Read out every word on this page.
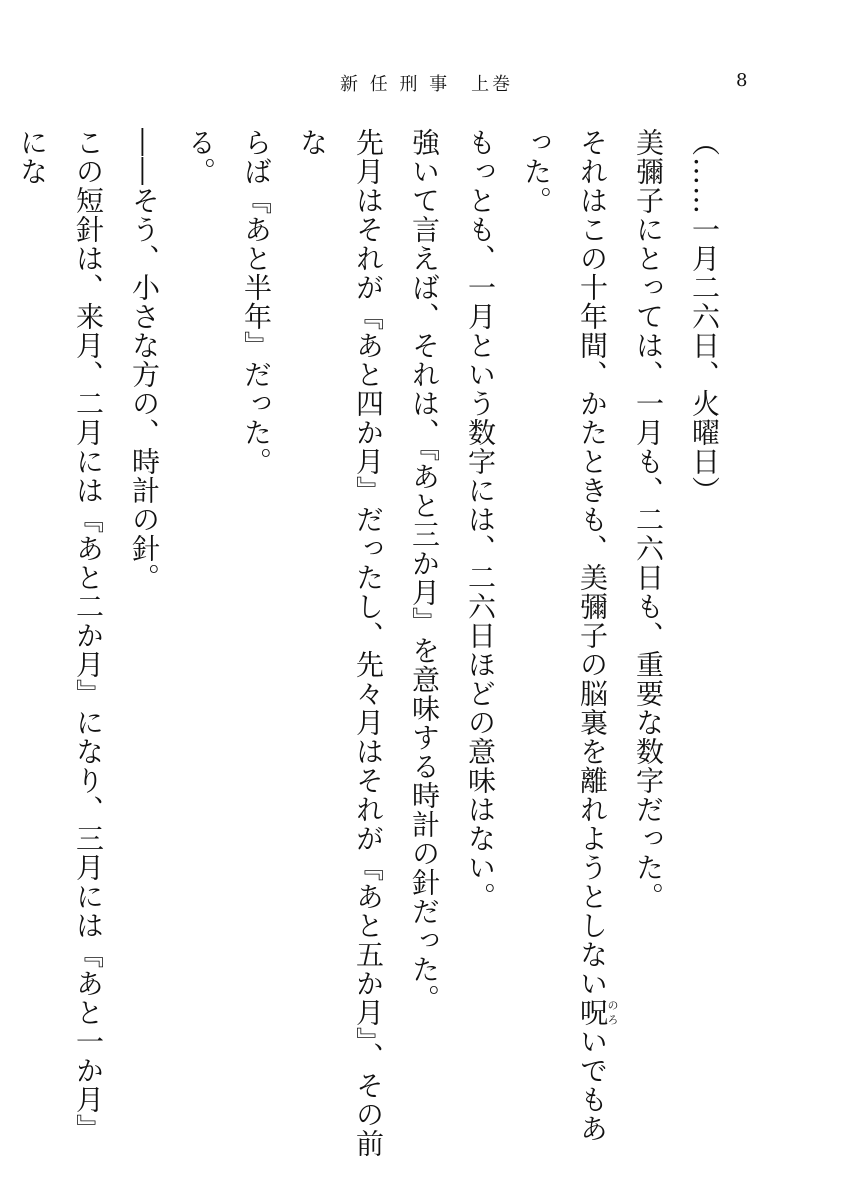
新 任 刑 事　上巻	8

（……一月二六日、火曜日）

美彌子にとっては、一月も、二六日も、重要な数字だった。

それはこの十年間、かたときも、美彌子の脳裏を離れようとしない呪のろいでもあった。

もっとも、一月という数字には、二六日ほどの意味はない。

強いて言えば、それは、『あと三か月』を意味する時計の針だった。

先月はそれが『あと四か月』だったし、先々月はそれが『あと五か月』、その前な

らば『あと半年』だった。

る。

――そう、小さな方の、時計の針。

この短針は、来月、二月には『あと二か月』になり、三月には『あと一か月』にな
